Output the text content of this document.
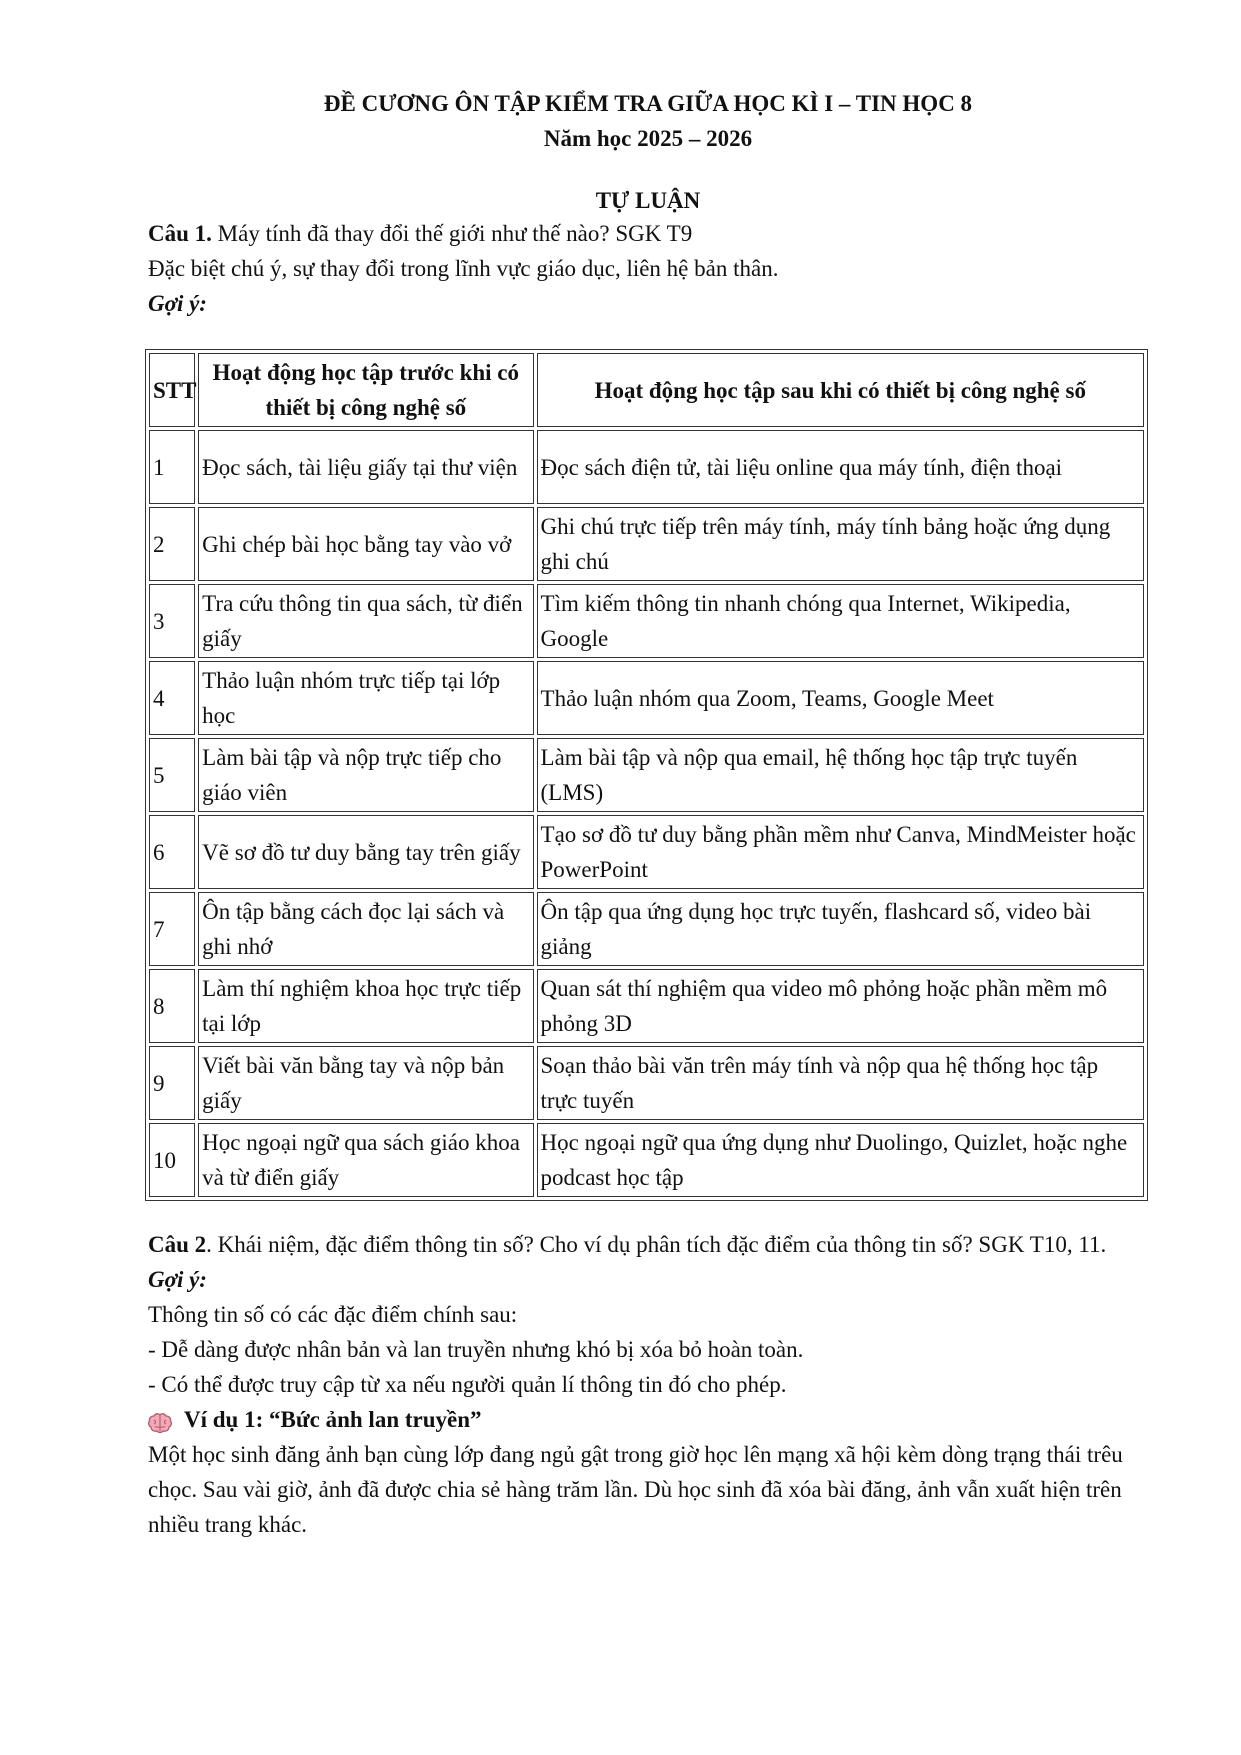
ĐỀ CƯƠNG ÔN TẬP KIỂM TRA GIỮA HỌC KÌ I – TIN HỌC 8

Năm học 2025 – 2026

TỰ LUẬN

Câu 1. Máy tính đã thay đổi thế giới như thế nào? SGK T9

Đặc biệt chú ý, sự thay đổi trong lĩnh vực giáo dục, liên hệ bản thân.

Gợi ý:

STT	Hoạt động học tập trước khi có thiết bị công nghệ số	Hoạt động học tập sau khi có thiết bị công nghệ số
1	Đọc sách, tài liệu giấy tại thư viện	Đọc sách điện tử, tài liệu online qua máy tính, điện thoại
2	Ghi chép bài học bằng tay vào vở	Ghi chú trực tiếp trên máy tính, máy tính bảng hoặc ứng dụng ghi chú
3	Tra cứu thông tin qua sách, từ điển giấy	Tìm kiếm thông tin nhanh chóng qua Internet, Wikipedia, Google
4	Thảo luận nhóm trực tiếp tại lớp học	Thảo luận nhóm qua Zoom, Teams, Google Meet
5	Làm bài tập và nộp trực tiếp cho giáo viên	Làm bài tập và nộp qua email, hệ thống học tập trực tuyến (LMS)
6	Vẽ sơ đồ tư duy bằng tay trên giấy	Tạo sơ đồ tư duy bằng phần mềm như Canva, MindMeister hoặc PowerPoint
7	Ôn tập bằng cách đọc lại sách và ghi nhớ	Ôn tập qua ứng dụng học trực tuyến, flashcard số, video bài giảng
8	Làm thí nghiệm khoa học trực tiếp tại lớp	Quan sát thí nghiệm qua video mô phỏng hoặc phần mềm mô phỏng 3D
9	Viết bài văn bằng tay và nộp bản giấy	Soạn thảo bài văn trên máy tính và nộp qua hệ thống học tập trực tuyến
10	Học ngoại ngữ qua sách giáo khoa và từ điển giấy	Học ngoại ngữ qua ứng dụng như Duolingo, Quizlet, hoặc nghe podcast học tập

Câu 2. Khái niệm, đặc điểm thông tin số? Cho ví dụ phân tích đặc điểm của thông tin số? SGK T10, 11.

Gợi ý:

Thông tin số có các đặc điểm chính sau:

- Dễ dàng được nhân bản và lan truyền nhưng khó bị xóa bỏ hoàn toàn.

- Có thể được truy cập từ xa nếu người quản lí thông tin đó cho phép.

Ví dụ 1: “Bức ảnh lan truyền”

Một học sinh đăng ảnh bạn cùng lớp đang ngủ gật trong giờ học lên mạng xã hội kèm dòng trạng thái trêu chọc. Sau vài giờ, ảnh đã được chia sẻ hàng trăm lần. Dù học sinh đã xóa bài đăng, ảnh vẫn xuất hiện trên nhiều trang khác.
